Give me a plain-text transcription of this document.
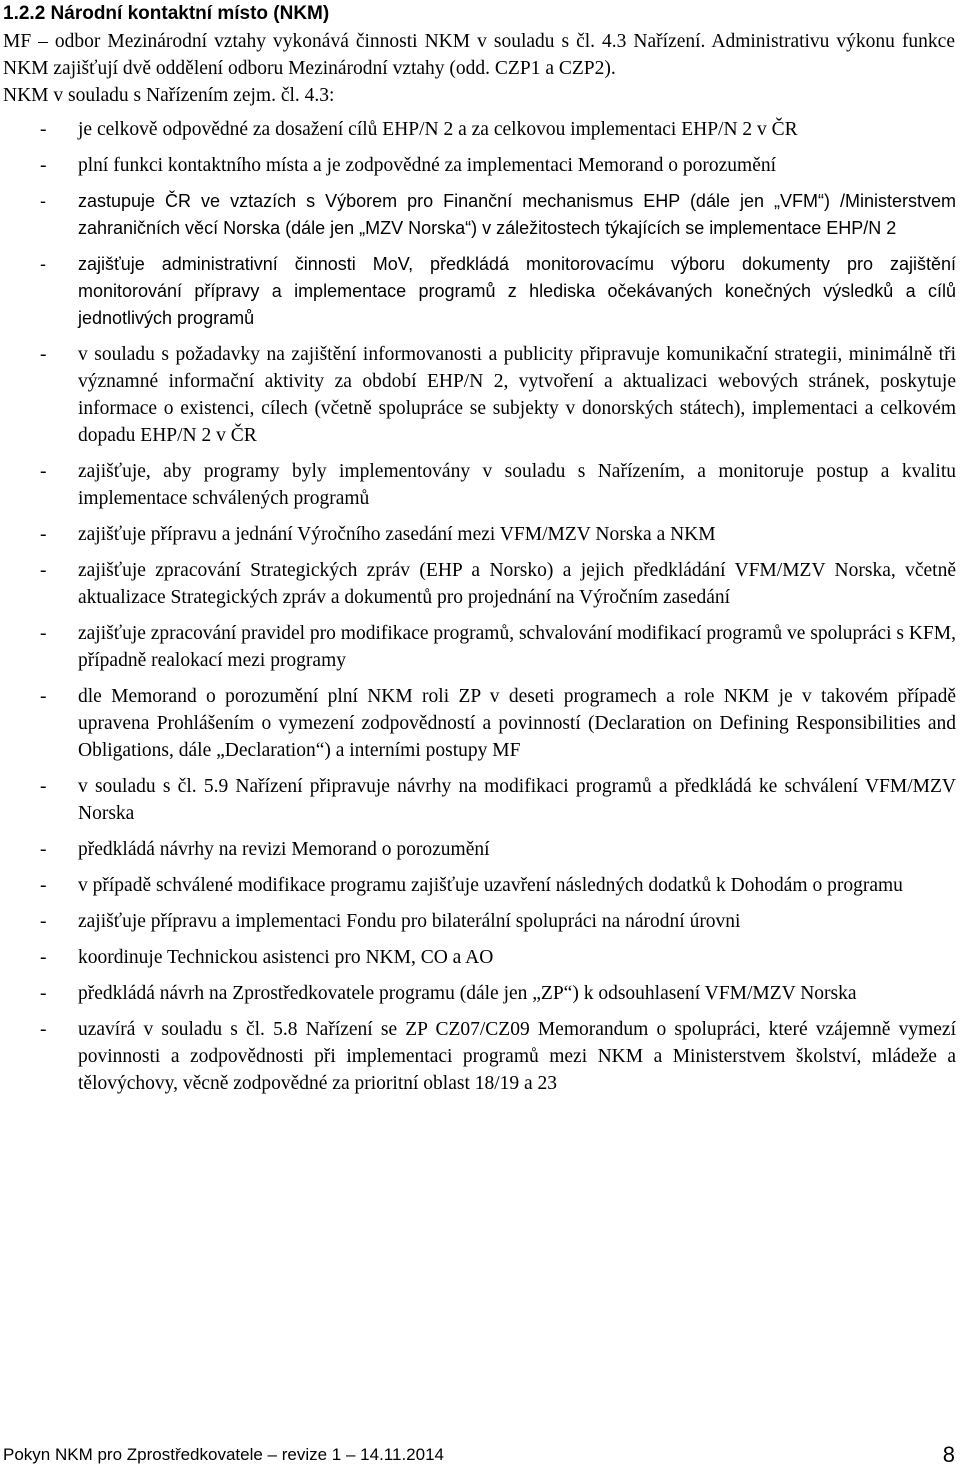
1.2.2 Národní kontaktní místo (NKM)

MF – odbor Mezinárodní vztahy vykonává činnosti NKM v souladu s čl. 4.3 Nařízení. Administrativu výkonu funkce NKM zajišťují dvě oddělení odboru Mezinárodní vztahy (odd. CZP1 a CZP2).

NKM v souladu s Nařízením zejm. čl. 4.3:

- je celkově odpovědné za dosažení cílů EHP/N 2 a za celkovou implementaci EHP/N 2 v ČR
- plní funkci kontaktního místa a je zodpovědné za implementaci Memorand o porozumění
- zastupuje ČR ve vztazích s Výborem pro Finanční mechanismus EHP (dále jen „VFM“) /Ministerstvem zahraničních věcí Norska (dále jen „MZV Norska“) v záležitostech týkajících se implementace EHP/N 2
- zajišťuje administrativní činnosti MoV, předkládá monitorovacímu výboru dokumenty pro zajištění monitorování přípravy a implementace programů z hlediska očekávaných konečných výsledků a cílů jednotlivých programů
- v souladu s požadavky na zajištění informovanosti a publicity připravuje komunikační strategii, minimálně tři významné informační aktivity za období EHP/N 2, vytvoření a aktualizaci webových stránek, poskytuje informace o existenci, cílech (včetně spolupráce se subjekty v donorských státech), implementaci a celkovém dopadu EHP/N 2 v ČR
- zajišťuje, aby programy byly implementovány v souladu s Nařízením, a monitoruje postup a kvalitu implementace schválených programů
- zajišťuje přípravu a jednání Výročního zasedání mezi VFM/MZV Norska a NKM
- zajišťuje zpracování Strategických zpráv (EHP a Norsko) a jejich předkládání VFM/MZV Norska, včetně aktualizace Strategických zpráv a dokumentů pro projednání na Výročním zasedání
- zajišťuje zpracování pravidel pro modifikace programů, schvalování modifikací programů ve spolupráci s KFM, případně realokací mezi programy
- dle Memorand o porozumění plní NKM roli ZP v deseti programech a role NKM je v takovém případě upravena Prohlášením o vymezení zodpovědností a povinností (Declaration on Defining Responsibilities and Obligations, dále „Declaration“) a interními postupy MF
- v souladu s čl. 5.9 Nařízení připravuje návrhy na modifikaci programů a předkládá ke schválení VFM/MZV Norska
- předkládá návrhy na revizi Memorand o porozumění
- v případě schválené modifikace programu zajišťuje uzavření následných dodatků k Dohodám o programu
- zajišťuje přípravu a implementaci Fondu pro bilaterální spolupráci na národní úrovni
- koordinuje Technickou asistenci pro NKM, CO a AO
- předkládá návrh na Zprostředkovatele programu (dále jen „ZP“) k odsouhlasení VFM/MZV Norska
- uzavírá v souladu s čl. 5.8 Nařízení se ZP CZ07/CZ09 Memorandum o spolupráci, které vzájemně vymezí povinnosti a zodpovědnosti při implementaci programů mezi NKM a Ministerstvem školství, mládeže a tělovýchovy, věcně zodpovědné za prioritní oblast 18/19 a 23
Pokyn NKM pro Zprostředkovatele – revize 1 – 14.11.2014	8
